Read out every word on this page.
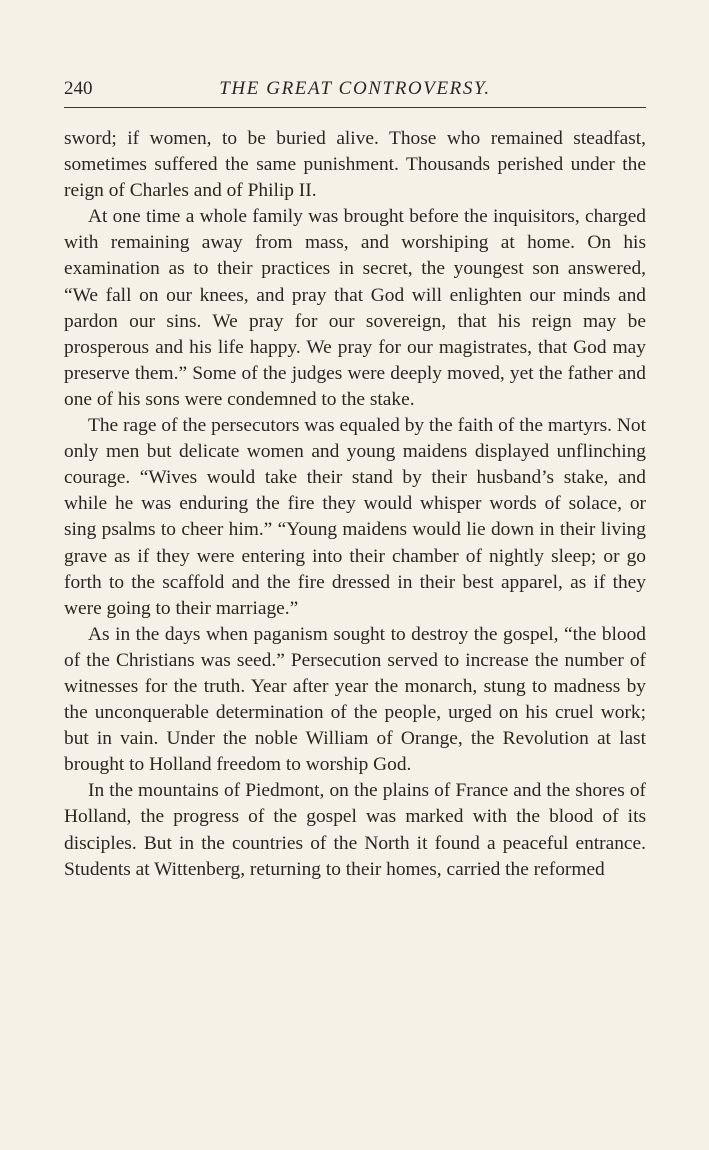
240	THE GREAT CONTROVERSY.

sword; if women, to be buried alive. Those who remained steadfast, sometimes suffered the same punishment. Thousands perished under the reign of Charles and of Philip II.

At one time a whole family was brought before the inquisitors, charged with remaining away from mass, and worshiping at home. On his examination as to their practices in secret, the youngest son answered, “We fall on our knees, and pray that God will enlighten our minds and pardon our sins. We pray for our sovereign, that his reign may be prosperous and his life happy. We pray for our magistrates, that God may preserve them.” Some of the judges were deeply moved, yet the father and one of his sons were condemned to the stake.

The rage of the persecutors was equaled by the faith of the martyrs. Not only men but delicate women and young maidens displayed unflinching courage. “Wives would take their stand by their husband’s stake, and while he was enduring the fire they would whisper words of solace, or sing psalms to cheer him.” “Young maidens would lie down in their living grave as if they were entering into their chamber of nightly sleep; or go forth to the scaffold and the fire dressed in their best apparel, as if they were going to their marriage.”

As in the days when paganism sought to destroy the gospel, “the blood of the Christians was seed.” Persecution served to increase the number of witnesses for the truth. Year after year the monarch, stung to madness by the unconquerable determination of the people, urged on his cruel work; but in vain. Under the noble William of Orange, the Revolution at last brought to Holland freedom to worship God.

In the mountains of Piedmont, on the plains of France and the shores of Holland, the progress of the gospel was marked with the blood of its disciples. But in the countries of the North it found a peaceful entrance. Students at Wittenberg, returning to their homes, carried the reformed
